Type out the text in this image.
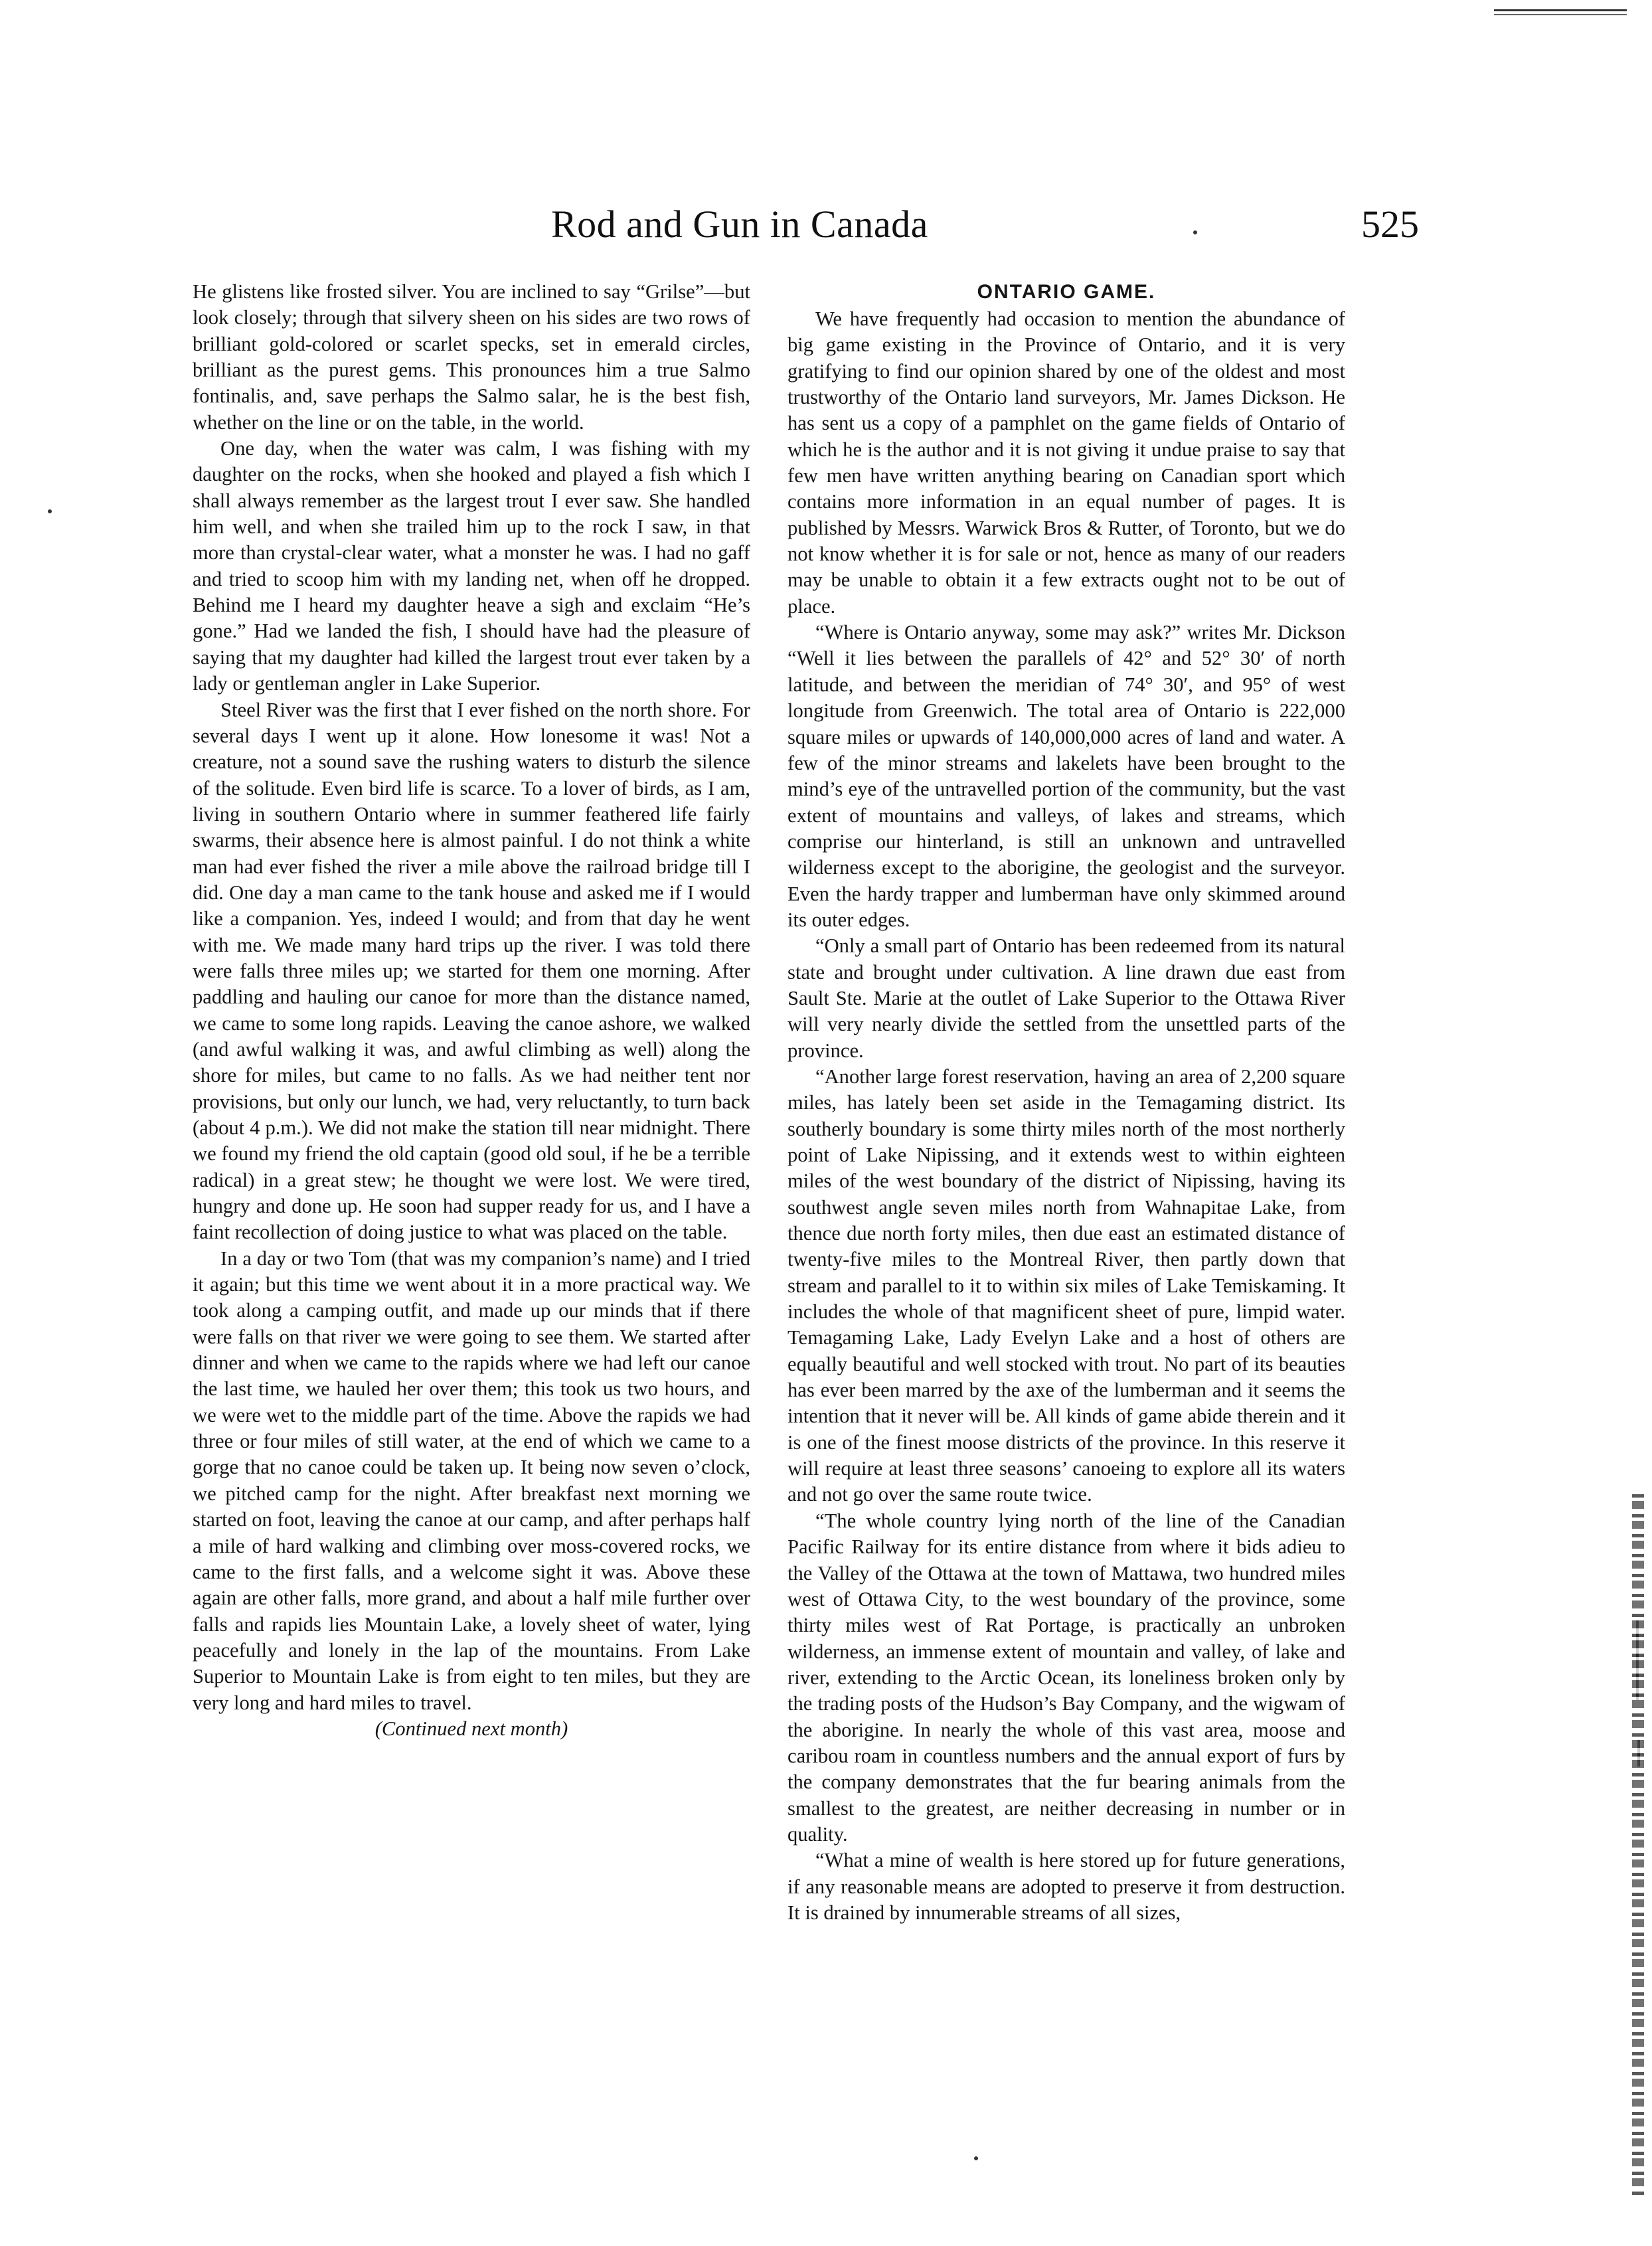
Rod and Gun in Canada	525

He glistens like frosted silver. You are inclined to say “Grilse”—but look closely; through that silvery sheen on his sides are two rows of brilliant gold-colored or scarlet specks, set in emerald circles, brilliant as the purest gems. This pronounces him a true Salmo fontinalis, and, save perhaps the Salmo salar, he is the best fish, whether on the line or on the table, in the world.

One day, when the water was calm, I was fishing with my daughter on the rocks, when she hooked and played a fish which I shall always remember as the largest trout I ever saw. She handled him well, and when she trailed him up to the rock I saw, in that more than crystal-clear water, what a monster he was. I had no gaff and tried to scoop him with my landing net, when off he dropped. Behind me I heard my daughter heave a sigh and exclaim “He’s gone.” Had we landed the fish, I should have had the pleasure of saying that my daughter had killed the largest trout ever taken by a lady or gentleman angler in Lake Superior.

Steel River was the first that I ever fished on the north shore. For several days I went up it alone. How lonesome it was! Not a creature, not a sound save the rushing waters to disturb the silence of the solitude. Even bird life is scarce. To a lover of birds, as I am, living in southern Ontario where in summer feathered life fairly swarms, their absence here is almost painful. I do not think a white man had ever fished the river a mile above the railroad bridge till I did. One day a man came to the tank house and asked me if I would like a companion. Yes, indeed I would; and from that day he went with me. We made many hard trips up the river. I was told there were falls three miles up; we started for them one morning. After paddling and hauling our canoe for more than the distance named, we came to some long rapids. Leaving the canoe ashore, we walked (and awful walking it was, and awful climbing as well) along the shore for miles, but came to no falls. As we had neither tent nor provisions, but only our lunch, we had, very reluctantly, to turn back (about 4 p.m.). We did not make the station till near midnight. There we found my friend the old captain (good old soul, if he be a terrible radical) in a great stew; he thought we were lost. We were tired, hungry and done up. He soon had supper ready for us, and I have a faint recollection of doing justice to what was placed on the table.

In a day or two Tom (that was my companion’s name) and I tried it again; but this time we went about it in a more practical way. We took along a camping outfit, and made up our minds that if there were falls on that river we were going to see them. We started after dinner and when we came to the rapids where we had left our canoe the last time, we hauled her over them; this took us two hours, and we were wet to the middle part of the time. Above the rapids we had three or four miles of still water, at the end of which we came to a gorge that no canoe could be taken up. It being now seven o’clock, we pitched camp for the night. After breakfast next morning we started on foot, leaving the canoe at our camp, and after perhaps half a mile of hard walking and climbing over moss-covered rocks, we came to the first falls, and a welcome sight it was. Above these again are other falls, more grand, and about a half mile further over falls and rapids lies Mountain Lake, a lovely sheet of water, lying peacefully and lonely in the lap of the mountains. From Lake Superior to Mountain Lake is from eight to ten miles, but they are very long and hard miles to travel.

(Continued next month)

ONTARIO GAME.

We have frequently had occasion to mention the abundance of big game existing in the Province of Ontario, and it is very gratifying to find our opinion shared by one of the oldest and most trustworthy of the Ontario land surveyors, Mr. James Dickson. He has sent us a copy of a pamphlet on the game fields of Ontario of which he is the author and it is not giving it undue praise to say that few men have written anything bearing on Canadian sport which contains more information in an equal number of pages. It is published by Messrs. Warwick Bros & Rutter, of Toronto, but we do not know whether it is for sale or not, hence as many of our readers may be unable to obtain it a few extracts ought not to be out of place.

“Where is Ontario anyway, some may ask?” writes Mr. Dickson “Well it lies between the parallels of 42° and 52° 30′ of north latitude, and between the meridian of 74° 30′, and 95° of west longitude from Greenwich. The total area of Ontario is 222,000 square miles or upwards of 140,000,000 acres of land and water. A few of the minor streams and lakelets have been brought to the mind’s eye of the untravelled portion of the community, but the vast extent of mountains and valleys, of lakes and streams, which comprise our hinterland, is still an unknown and untravelled wilderness except to the aborigine, the geologist and the surveyor. Even the hardy trapper and lumberman have only skimmed around its outer edges.

“Only a small part of Ontario has been redeemed from its natural state and brought under cultivation. A line drawn due east from Sault Ste. Marie at the outlet of Lake Superior to the Ottawa River will very nearly divide the settled from the unsettled parts of the province.

“Another large forest reservation, having an area of 2,200 square miles, has lately been set aside in the Temagaming district. Its southerly boundary is some thirty miles north of the most northerly point of Lake Nipissing, and it extends west to within eighteen miles of the west boundary of the district of Nipissing, having its southwest angle seven miles north from Wahnapitae Lake, from thence due north forty miles, then due east an estimated distance of twenty-five miles to the Montreal River, then partly down that stream and parallel to it to within six miles of Lake Temiskaming. It includes the whole of that magnificent sheet of pure, limpid water. Temagaming Lake, Lady Evelyn Lake and a host of others are equally beautiful and well stocked with trout. No part of its beauties has ever been marred by the axe of the lumberman and it seems the intention that it never will be. All kinds of game abide therein and it is one of the finest moose districts of the province. In this reserve it will require at least three seasons’ canoeing to explore all its waters and not go over the same route twice.

“The whole country lying north of the line of the Canadian Pacific Railway for its entire distance from where it bids adieu to the Valley of the Ottawa at the town of Mattawa, two hundred miles west of Ottawa City, to the west boundary of the province, some thirty miles west of Rat Portage, is practically an unbroken wilderness, an immense extent of mountain and valley, of lake and river, extending to the Arctic Ocean, its loneliness broken only by the trading posts of the Hudson’s Bay Company, and the wigwam of the aborigine. In nearly the whole of this vast area, moose and caribou roam in countless numbers and the annual export of furs by the company demonstrates that the fur bearing animals from the smallest to the greatest, are neither decreasing in number or in quality.

“What a mine of wealth is here stored up for future generations, if any reasonable means are adopted to preserve it from destruction. It is drained by innumerable streams of all sizes,
